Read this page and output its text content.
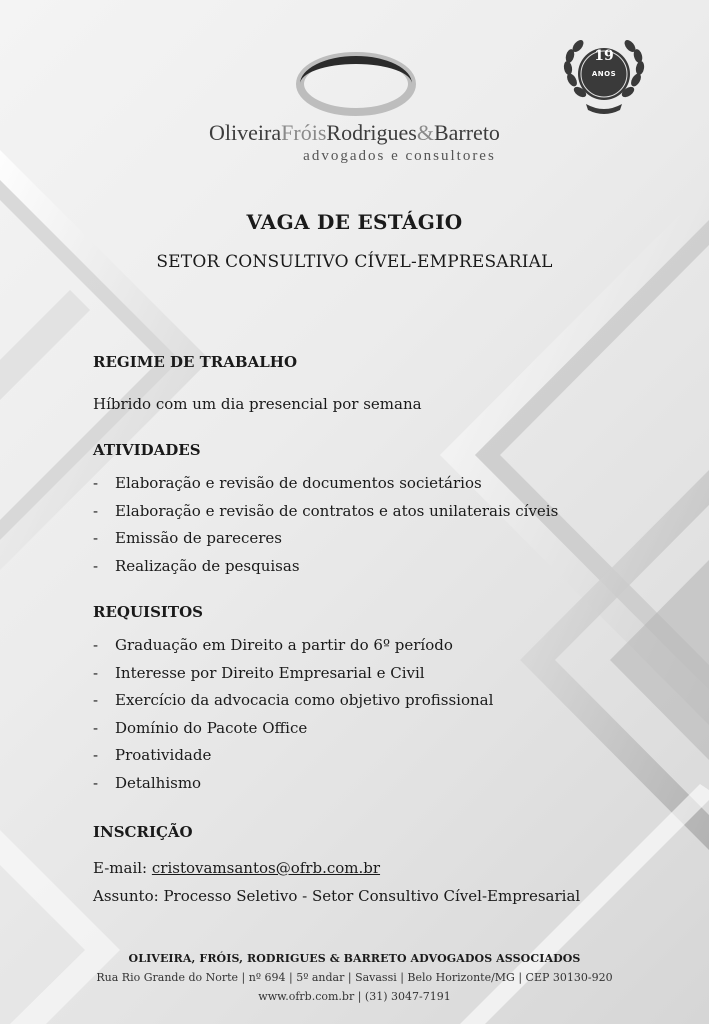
OliveiraFróisRodrigues&Barreto
advogados e consultores
19
ANOS
VAGA DE ESTÁGIO
SETOR CONSULTIVO CÍVEL-EMPRESARIAL
REGIME DE TRABALHO
Híbrido com um dia presencial por semana
ATIVIDADES
- Elaboração e revisão de documentos societários
- Elaboração e revisão de contratos e atos unilaterais cíveis
- Emissão de pareceres
- Realização de pesquisas
REQUISITOS
- Graduação em Direito a partir do 6º período
- Interesse por Direito Empresarial e Civil
- Exercício da advocacia como objetivo profissional
- Domínio do Pacote Office
- Proatividade
- Detalhismo
INSCRIÇÃO
E-mail: cristovamsantos@ofrb.com.br
Assunto: Processo Seletivo - Setor Consultivo Cível-Empresarial
OLIVEIRA, FRÓIS, RODRIGUES & BARRETO ADVOGADOS ASSOCIADOS
Rua Rio Grande do Norte | nº 694 | 5º andar | Savassi | Belo Horizonte/MG | CEP 30130-920
www.ofrb.com.br | (31) 3047-7191
